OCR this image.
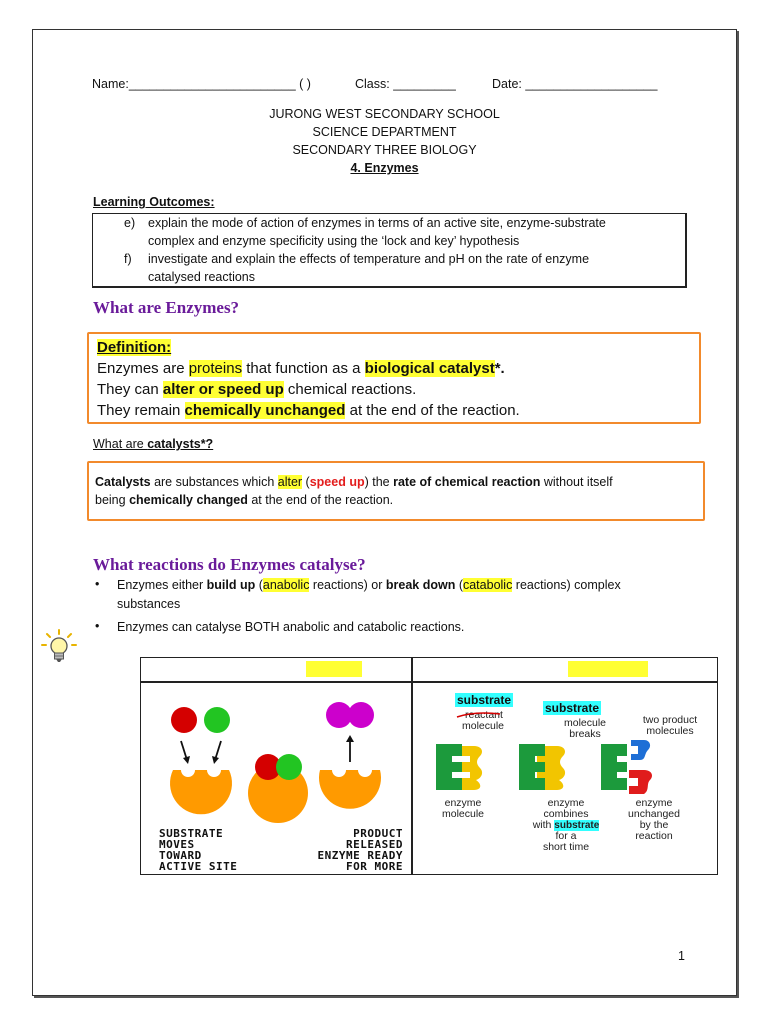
Name:________________________ ( )	Class: _________	Date: ___________________
JURONG WEST SECONDARY SCHOOL
SCIENCE DEPARTMENT
SECONDARY THREE BIOLOGY
4. Enzymes
Learning Outcomes:
e) explain the mode of action of enzymes in terms of an active site, enzyme-substrate
complex and enzyme specificity using the ‘lock and key’ hypothesis
f) investigate and explain the effects of temperature and pH on the rate of enzyme
catalysed reactions
What are Enzymes?
Definition:
Enzymes are proteins that function as a biological catalyst*.
They can alter or speed up chemical reactions.
They remain chemically unchanged at the end of the reaction.
What are catalysts*?
Catalysts are substances which alter (speed up) the rate of chemical reaction without itself
being chemically changed at the end of the reaction.
What reactions do Enzymes catalyse?
• Enzymes either build up (anabolic reactions) or break down (catabolic reactions) complex
substances
• Enzymes can catalyse BOTH anabolic and catabolic reactions.
SUBSTRATE
MOVES
TOWARD
ACTIVE SITE
PRODUCT
RELEASED
ENZYME READY
FOR MORE
substrate
reactant
molecule
substrate
molecule
breaks
two product
molecules
enzyme
molecule
enzyme
combines
with substrate
for a
short time
enzyme
unchanged
by the
reaction
1
